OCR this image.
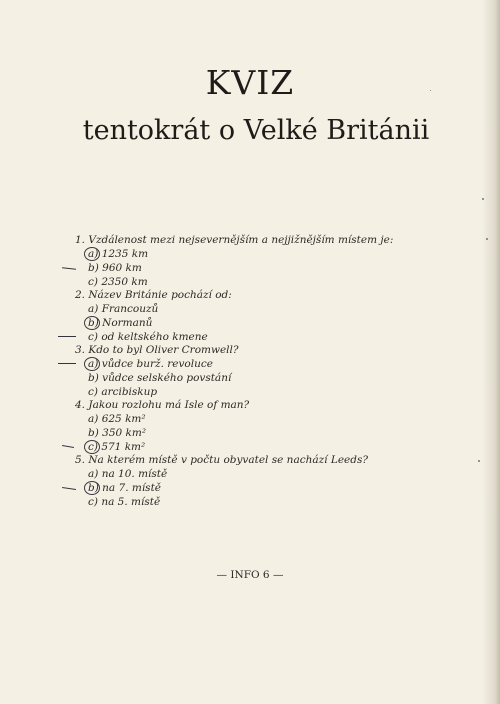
KVIZ
tentokrát o Velké Británii
1. Vzdálenost mezi nejsevernějším a nejjižnějším místem je:
a) 1235 km
b) 960 km
c) 2350 km
2. Název Británie pochází od:
a) Francouzů
b) Normanů
c) od keltského kmene
3. Kdo to byl Oliver Cromwell?
a) vůdce burž. revoluce
b) vůdce selského povstání
c) arcibiskup
4. Jakou rozlohu má Isle of man?
a) 625 km²
b) 350 km²
c) 571 km²
5. Na kterém místě v počtu obyvatel se nachází Leeds?
a) na 10. místě
b) na 7. místě
c) na 5. místě
— INFO 6 —
